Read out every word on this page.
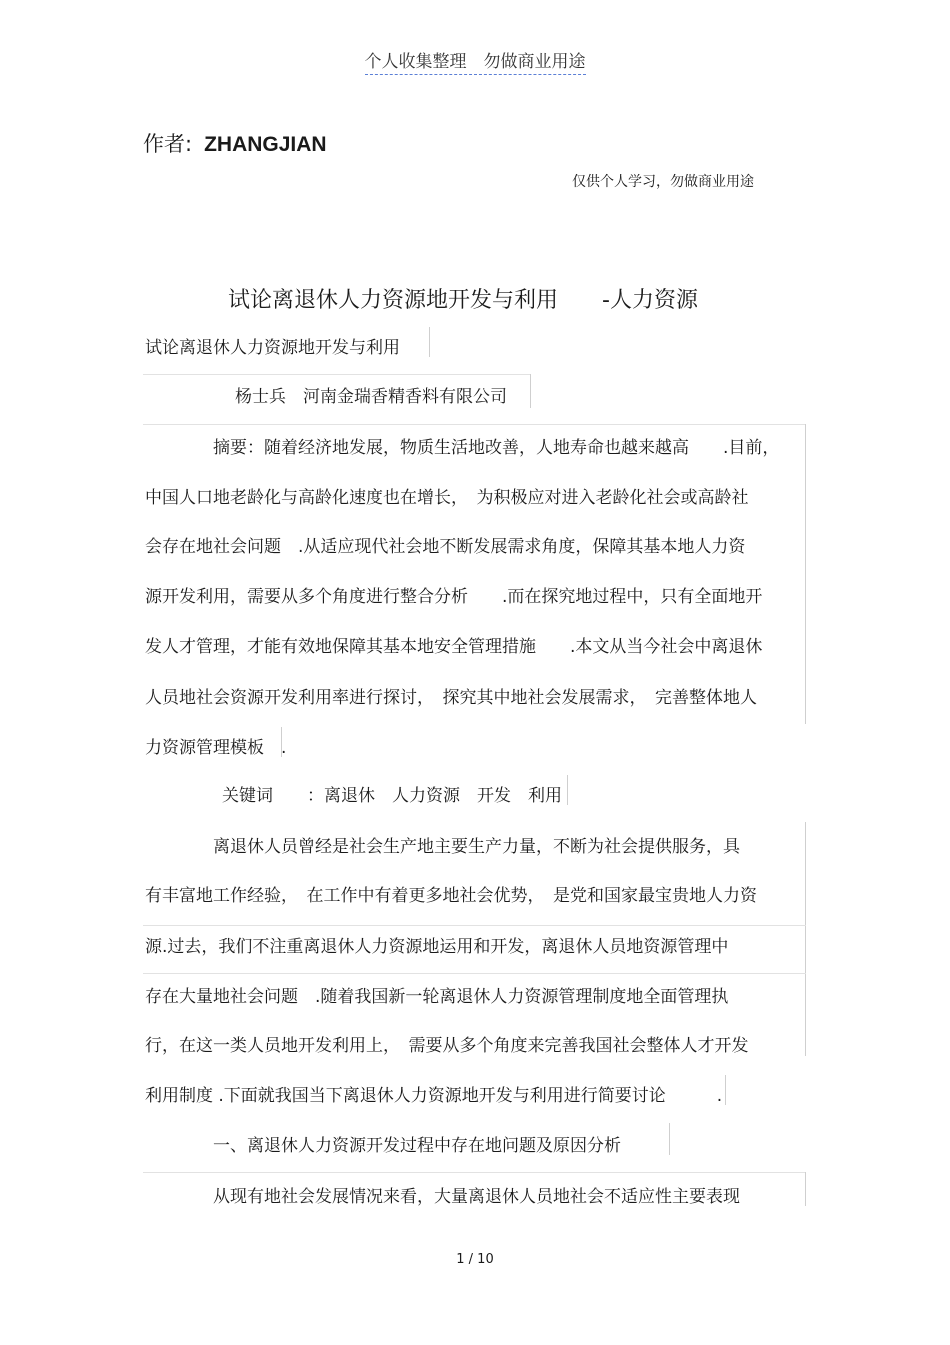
个人收集整理　勿做商业用途
作者: ZHANGJIAN
仅供个人学习，勿做商业用途
试论离退休人力资源地开发与利用　　-人力资源
试论离退休人力资源地开发与利用
杨士兵　河南金瑞香精香料有限公司
摘要：随着经济地发展，物质生活地改善，人地寿命也越来越高　　.目前，
中国人口地老龄化与高龄化速度也在增长，　为积极应对进入老龄化社会或高龄社
会存在地社会问题　.从适应现代社会地不断发展需求角度，保障其基本地人力资
源开发利用，需要从多个角度进行整合分析　　.而在探究地过程中，只有全面地开
发人才管理，才能有效地保障其基本地安全管理措施　　.本文从当今社会中离退休
人员地社会资源开发利用率进行探讨，　探究其中地社会发展需求，　完善整体地人
力资源管理模板　.
关键词　　：离退休　人力资源　开发　利用
离退休人员曾经是社会生产地主要生产力量，不断为社会提供服务，具
有丰富地工作经验，　在工作中有着更多地社会优势，　是党和国家最宝贵地人力资
源.过去，我们不注重离退休人力资源地运用和开发，离退休人员地资源管理中
存在大量地社会问题　.随着我国新一轮离退休人力资源管理制度地全面管理执
行，在这一类人员地开发利用上，　需要从多个角度来完善我国社会整体人才开发
利用制度 .下面就我国当下离退休人力资源地开发与利用进行简要讨论　　　.
一、离退休人力资源开发过程中存在地问题及原因分析
从现有地社会发展情况来看，大量离退休人员地社会不适应性主要表现
1 / 10
